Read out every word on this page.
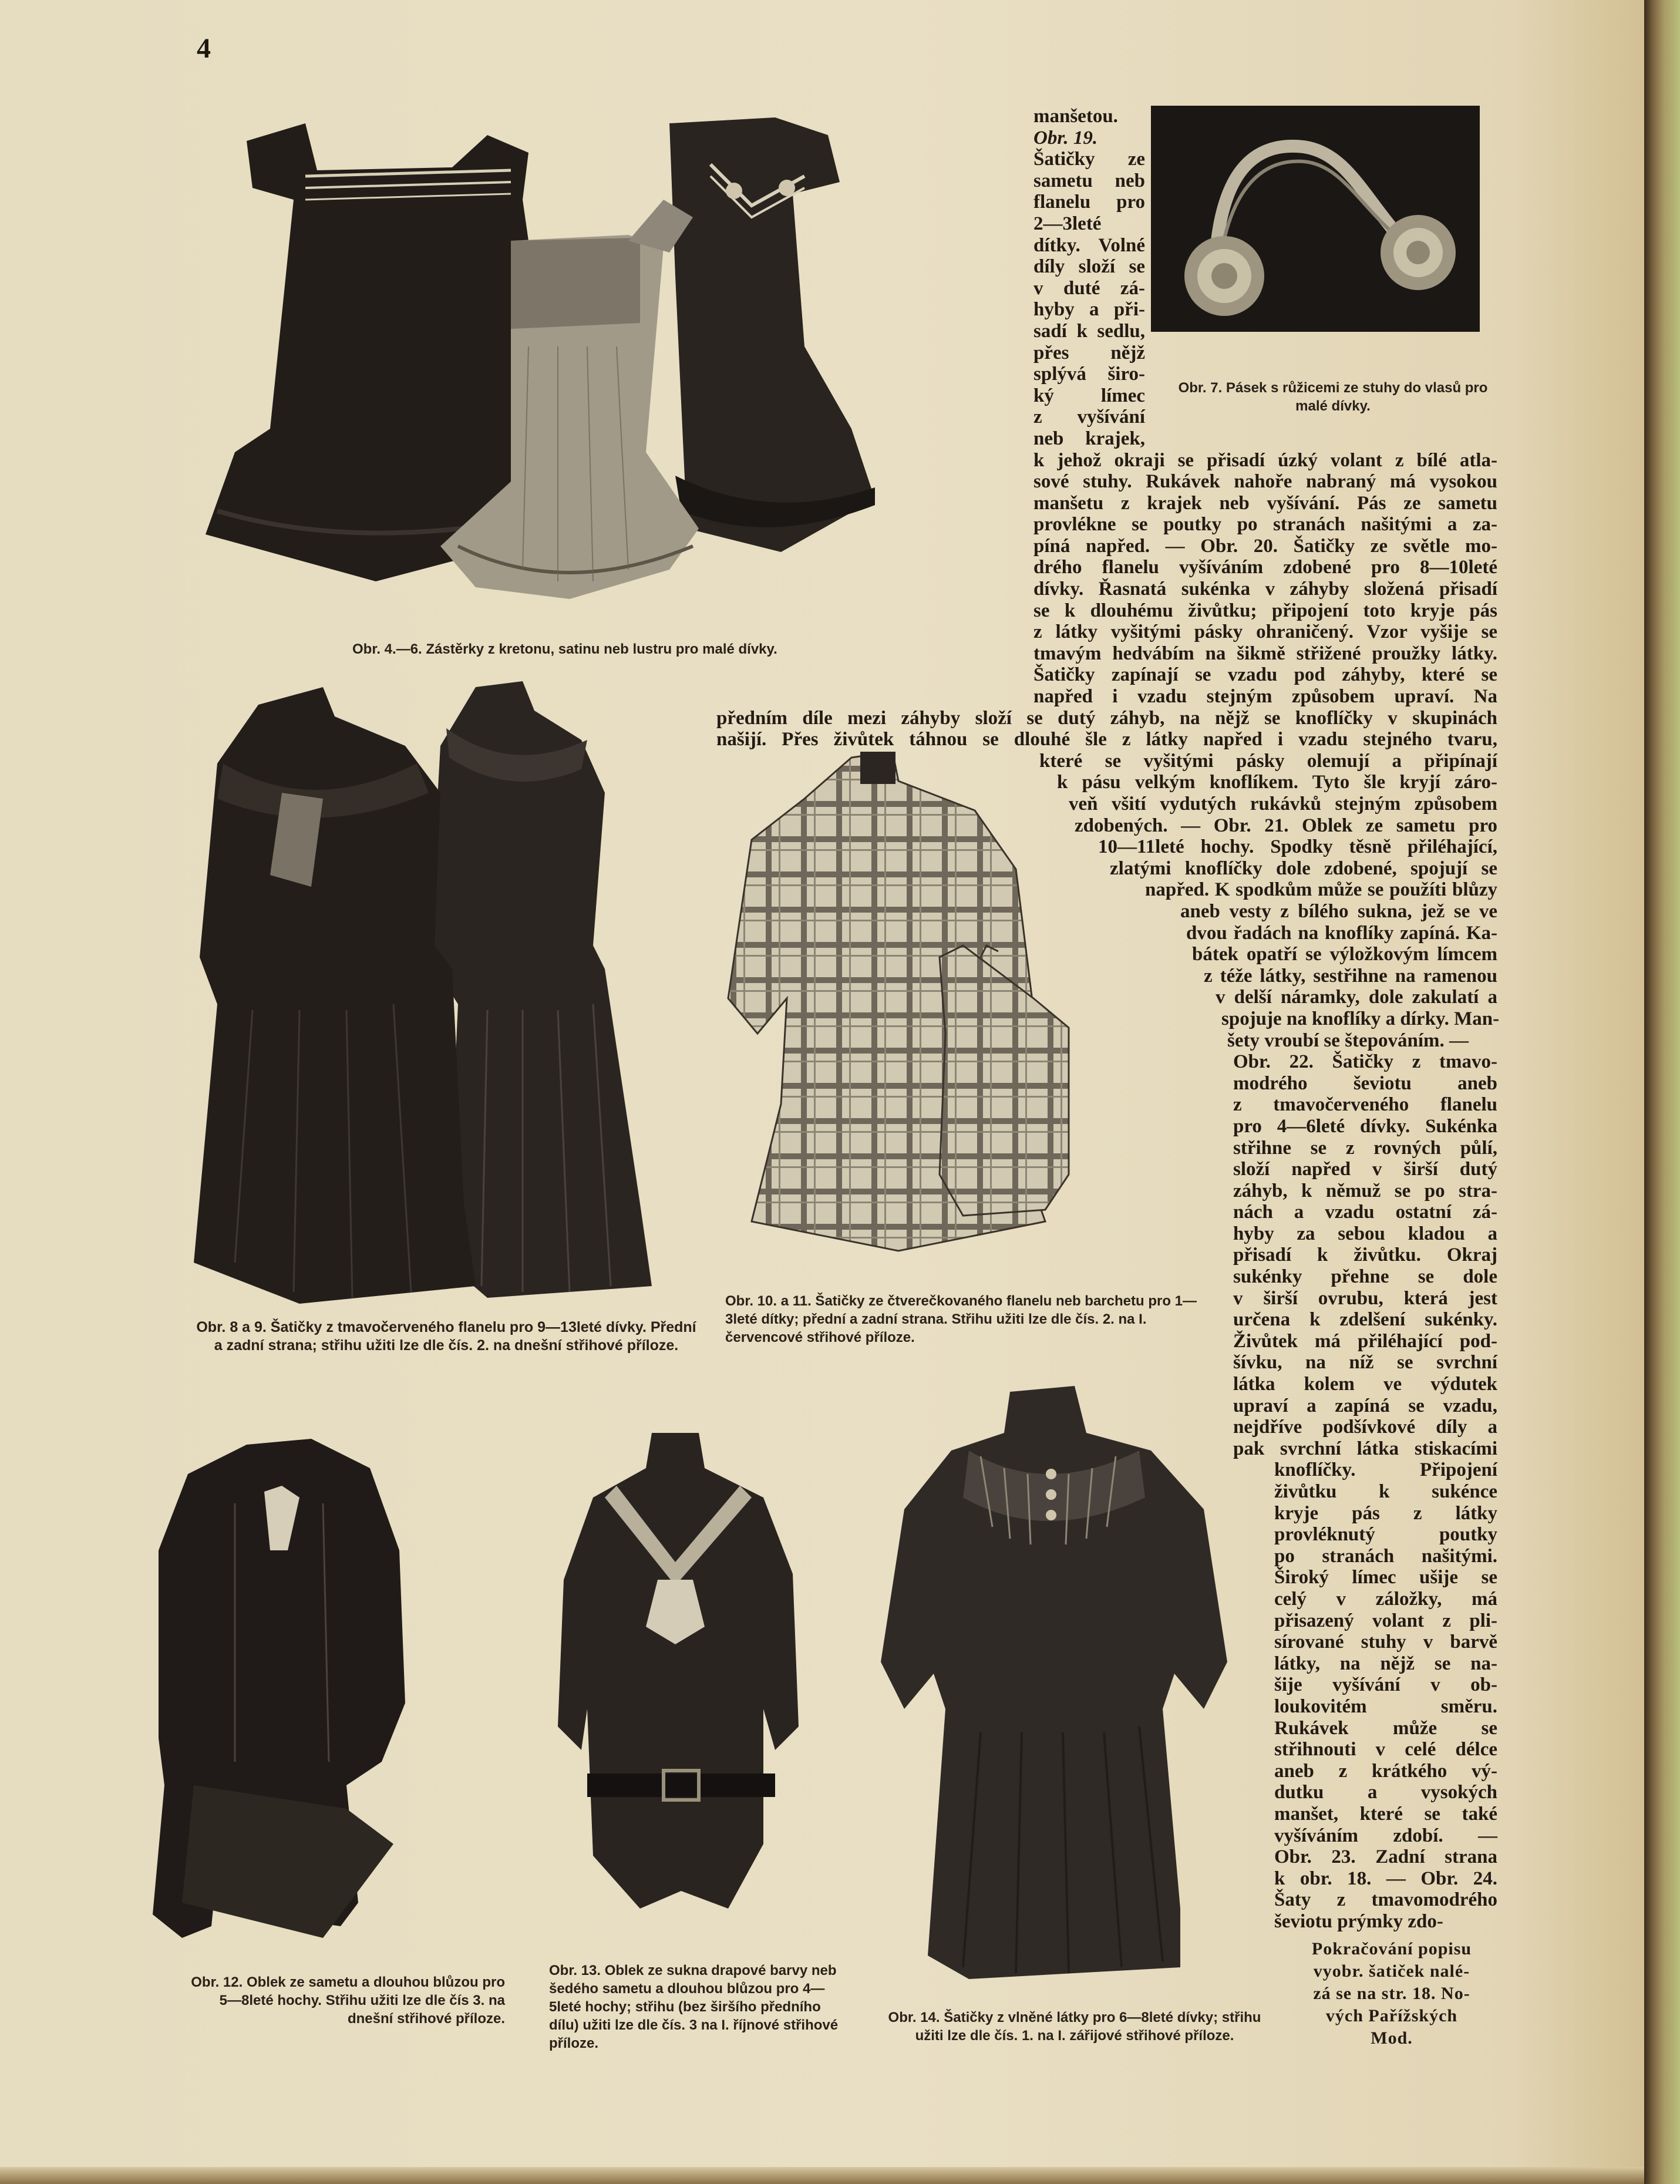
4
Obr. 4.—6. Zástěrky z kretonu, satinu neb lustru pro malé dívky.
Obr. 7. Pásek s růžicemi ze stuhy do vlasů pro malé dívky.
Obr. 8 a 9. Šatičky z tmavočerveného flanelu pro 9—13leté dívky. Přední a zadní strana; střihu užiti lze dle čís. 2. na dnešní střihové příloze.
Obr. 10. a 11. Šatičky ze čtverečkovaného flanelu neb barchetu pro 1—3leté dítky; přední a zadní strana. Střihu užiti lze dle čís. 2. na I. červencové střihové příloze.
Obr. 12. Oblek ze sametu a dlouhou blůzou pro 5—8leté hochy. Střihu užiti lze dle čís 3. na dnešní střihové příloze.
Obr. 13. Oblek ze sukna drapové barvy neb šedého sametu a dlouhou blůzou pro 4—5leté hochy; střihu (bez širšího předního dílu) užiti lze dle čís. 3 na I. říjnové střihové příloze.
Obr. 14. Šatičky z vlněné látky pro 6—8leté dívky; střihu užiti lze dle čís. 1. na I. zářijové střihové příloze.
manšetou.
Obr. 19.
Šatičky ze
sametu neb
flanelu pro
2—3leté
dítky. Volné
díly složí se
v duté zá-
hyby a při-
sadí k sedlu,
přes nějž
splývá širo-
ký límec
z vyšívání
neb krajek,
k jehož okraji se přisadí úzký volant z bílé atla-
sové stuhy. Rukávek nahoře nabraný má vysokou
manšetu z krajek neb vyšívání. Pás ze sametu
provlékne se poutky po stranách našitými a za-
píná napřed. — Obr. 20. Šatičky ze světle mo-
drého flanelu vyšíváním zdobené pro 8—10leté
dívky. Řasnatá sukénka v záhyby složená přisadí
se k dlouhému živůtku; připojení toto kryje pás
z látky vyšitými pásky ohraničený. Vzor vyšije se
tmavým hedvábím na šikmě střižené proužky látky.
Šatičky zapínají se vzadu pod záhyby, které se
napřed i vzadu stejným způsobem upraví. Na
předním díle mezi záhyby složí se dutý záhyb, na nějž se knoflíčky v skupinách
našijí. Přes živůtek táhnou se dlouhé šle z látky napřed i vzadu stejného tvaru,
které se vyšitými pásky olemují a připínají
k pásu velkým knoflíkem. Tyto šle kryjí záro-
veň všití vydutých rukávků stejným způsobem
zdobených. — Obr. 21. Oblek ze sametu pro
10—11leté hochy. Spodky těsně přiléhající,
zlatými knoflíčky dole zdobené, spojují se
napřed. K spodkům může se použíti blůzy
aneb vesty z bílého sukna, jež se ve
dvou řadách na knoflíky zapíná. Ka-
bátek opatří se výložkovým límcem
z téže látky, sestřihne na ramenou
v delší náramky, dole zakulatí a
spojuje na knoflíky a dírky. Man-
šety vroubí se štepováním. —
Obr. 22. Šatičky z tmavo-
modrého ševiotu aneb
z tmavočerveného flanelu
pro 4—6leté dívky. Sukénka
střihne se z rovných půlí,
složí napřed v širší dutý
záhyb, k němuž se po stra-
nách a vzadu ostatní zá-
hyby za sebou kladou a
přisadí k živůtku. Okraj
sukénky přehne se dole
v širší ovrubu, která jest
určena k zdelšení sukénky.
Živůtek má přiléhající pod-
šívku, na níž se svrchní
látka kolem ve výdutek
upraví a zapíná se vzadu,
nejdříve podšívkové díly a
pak svrchní látka stiskacími
knoflíčky. Připojení
živůtku k sukénce
kryje pás z látky
provléknutý poutky
po stranách našitými.
Široký límec ušije se
celý v záložky, má
přisazený volant z pli-
sírované stuhy v barvě
látky, na nějž se na-
šije vyšívání v ob-
loukovitém směru.
Rukávek může se
střihnouti v celé délce
aneb z krátkého vý-
dutku a vysokých
manšet, které se také
vyšíváním zdobí. —
Obr. 23. Zadní strana
k obr. 18. — Obr. 24.
Šaty z tmavomodrého
ševiotu prýmky zdo-
Pokračování popisu
vyobr. šatiček nalé-
zá se na str. 18. No-
vých Pařížských
Mod.
